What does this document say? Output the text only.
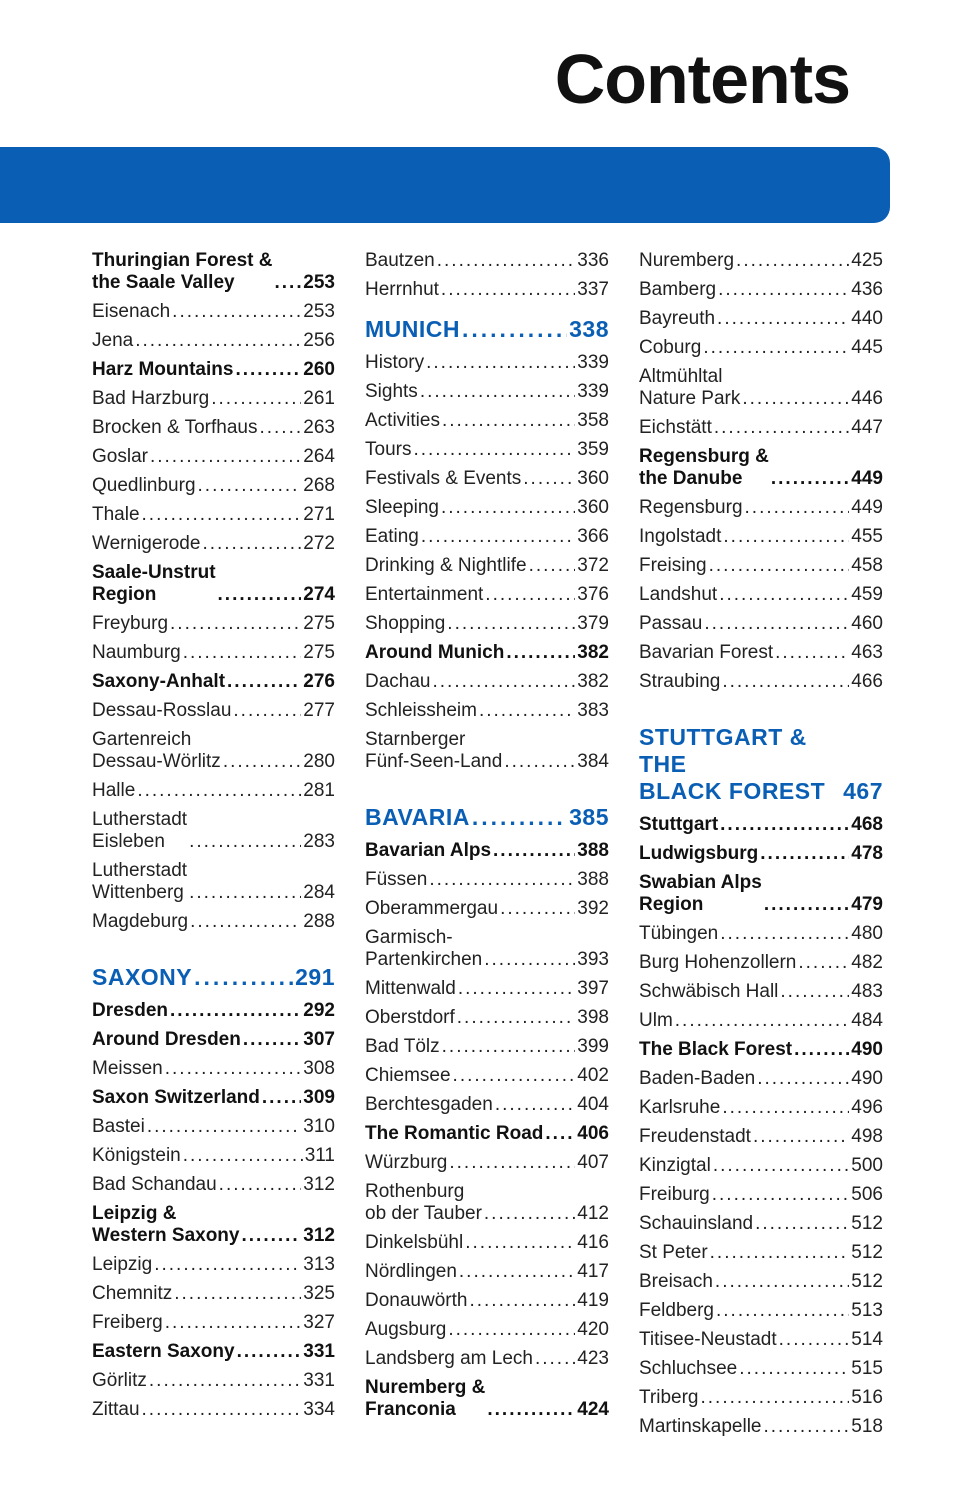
Contents
Thuringian Forest &
the Saale Valley .....	253
Eisenach .....	253
Jena .....	256
Harz Mountains .....	260
Bad Harzburg .....	261
Brocken & Torfhaus ..... 263
Goslar .....	264
Quedlinburg .....	268
Thale .....	271
Wernigerode .....	272
Saale-Unstrut
Region .....	274
Freyburg .....	275
Naumburg .....	275
Saxony-Anhalt .....	276
Dessau-Rosslau .....	277
Gartenreich
Dessau-Wörlitz .....	280
Halle .....	281
Lutherstadt
Eisleben .....	283
Lutherstadt
Wittenberg .....	284
Magdeburg .....	288
SAXONY .....	291
Dresden .....	292
Around Dresden .....	307
Meissen .....	308
Saxon Switzerland ..... 309
Bastei .....	310
Königstein .....	311
Bad Schandau .....	312
Leipzig &
Western Saxony .....	312
Leipzig .....	313
Chemnitz .....	325
Freiberg .....	327
Eastern Saxony .....	331
Görlitz .....	331
Zittau .....	334
Bautzen .....	336
Herrnhut .....	337
MUNICH .....	338
History .....	339
Sights .....	339
Activities .....	358
Tours .....	359
Festivals & Events .....	360
Sleeping .....	360
Eating .....	366
Drinking & Nightlife .....	372
Entertainment .....	376
Shopping .....	379
Around Munich .....	382
Dachau .....	382
Schleissheim .....	383
Starnberger
Fünf-Seen-Land .....	384
BAVARIA .....	385
Bavarian Alps .....	388
Füssen .....	388
Oberammergau .....	392
Garmisch-
Partenkirchen .....	393
Mittenwald .....	397
Oberstdorf .....	398
Bad Tölz .....	399
Chiemsee .....	402
Berchtesgaden .....	404
The Romantic Road ..... 406
Würzburg .....	407
Rothenburg
ob der Tauber .....	412
Dinkelsbühl .....	416
Nördlingen .....	417
Donauwörth .....	419
Augsburg .....	420
Landsberg am Lech ..... 423
Nuremberg &
Franconia .....	424
Nuremberg .....	425
Bamberg .....	436
Bayreuth .....	440
Coburg .....	445
Altmühltal
Nature Park .....	446
Eichstätt .....	447
Regensburg &
the Danube .....	449
Regensburg .....	449
Ingolstadt .....	455
Freising .....	458
Landshut .....	459
Passau .....	460
Bavarian Forest .....	463
Straubing .....	466
STUTTGART & THE
BLACK FOREST 467
Stuttgart .....	468
Ludwigsburg .....	478
Swabian Alps
Region .....	479
Tübingen .....	480
Burg Hohenzollern .....	482
Schwäbisch Hall .....	483
Ulm .....	484
The Black Forest .....	490
Baden-Baden .....	490
Karlsruhe .....	496
Freudenstadt .....	498
Kinzigtal .....	500
Freiburg .....	506
Schauinsland .....	512
St Peter .....	512
Breisach .....	512
Feldberg .....	513
Titisee-Neustadt .....	514
Schluchsee .....	515
Triberg .....	516
Martinskapelle .....	518
